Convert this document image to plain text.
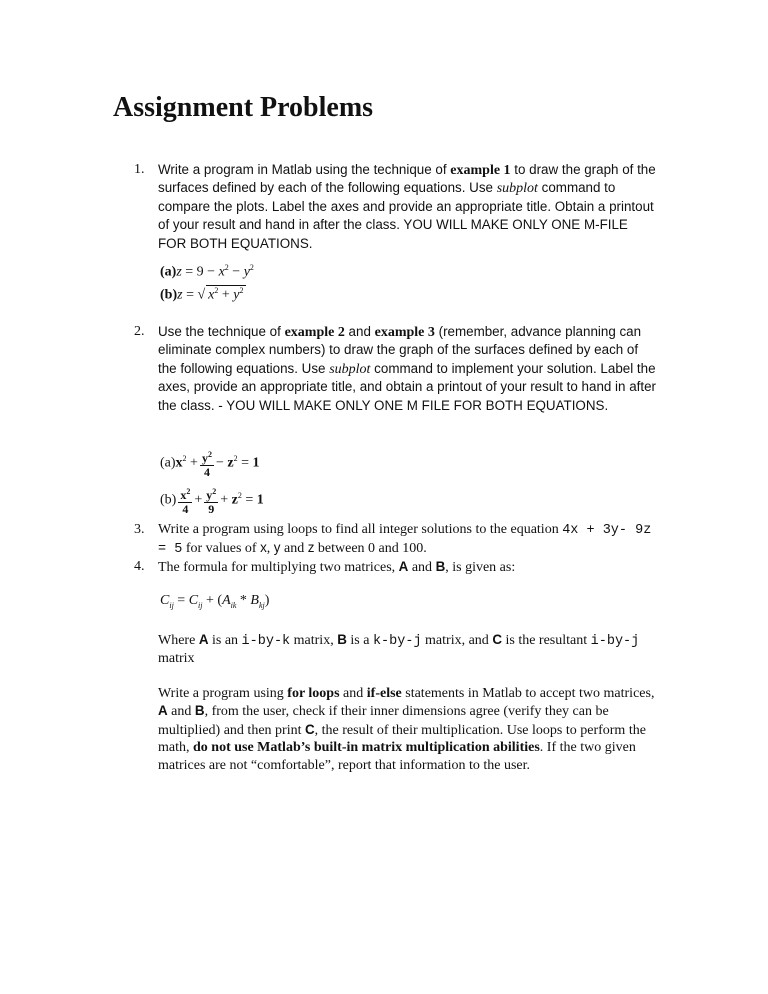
Assignment Problems
1. Write a program in Matlab using the technique of example 1 to draw the graph of the surfaces defined by each of the following equations. Use subplot command to compare the plots. Label the axes and provide an appropriate title. Obtain a printout of your result and hand in after the class. YOU WILL MAKE ONLY ONE M-FILE FOR BOTH EQUATIONS.
$(a)z = 9 - x^2 - y^2$
(b)z = √ $x^2 + y^2$
2. Use the technique of example 2 and example 3 (remember, advance planning can eliminate complex numbers) to draw the graph of the surfaces defined by each of the following equations. Use subplot command to implement your solution. Label the axes, provide an appropriate title, and obtain a printout of your result to hand in after the class. - YOU WILL MAKE ONLY ONE M FILE FOR BOTH EQUATIONS.
$(a)x^2 + \frac{y^2}{4} - z^2 = 1$
$(b) \frac{x^2}{4} + \frac{y^2}{9} + z^2 = 1$
3. Write a program using loops to find all integer solutions to the equation 4x + 3y- 9z = 5 for values of x, y and z between 0 and 100.
4. The formula for multiplying two matrices, A and B, is given as:
$C_{ij} = C_{ij} + (A_{ik} * B_{kj})$
Where A is an i-by-k matrix, B is a k-by-j matrix, and C is the resultant i-by-j matrix
Write a program using for loops and if-else statements in Matlab to accept two matrices, A and B, from the user, check if their inner dimensions agree (verify they can be multiplied) and then print C, the result of their multiplication. Use loops to perform the math, do not use Matlab’s built-in matrix multiplication abilities. If the two given matrices are not “comfortable”, report that information to the user.
